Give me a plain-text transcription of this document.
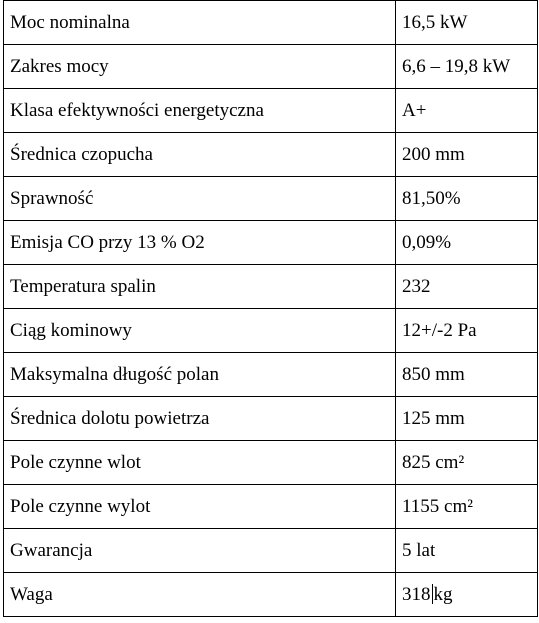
Moc nominalna	16,5 kW
Zakres mocy	6,6 – 19,8 kW
Klasa efektywności energetyczna	A+
Średnica czopucha	200 mm
Sprawność	81,50%
Emisja CO przy 13 % O2	0,09%
Temperatura spalin	232
Ciąg kominowy	12+/-2 Pa
Maksymalna długość polan	850 mm
Średnica dolotu powietrza	125 mm
Pole czynne wlot	825 cm²
Pole czynne wylot	1155 cm²
Gwarancja	5 lat
Waga	318 kg
